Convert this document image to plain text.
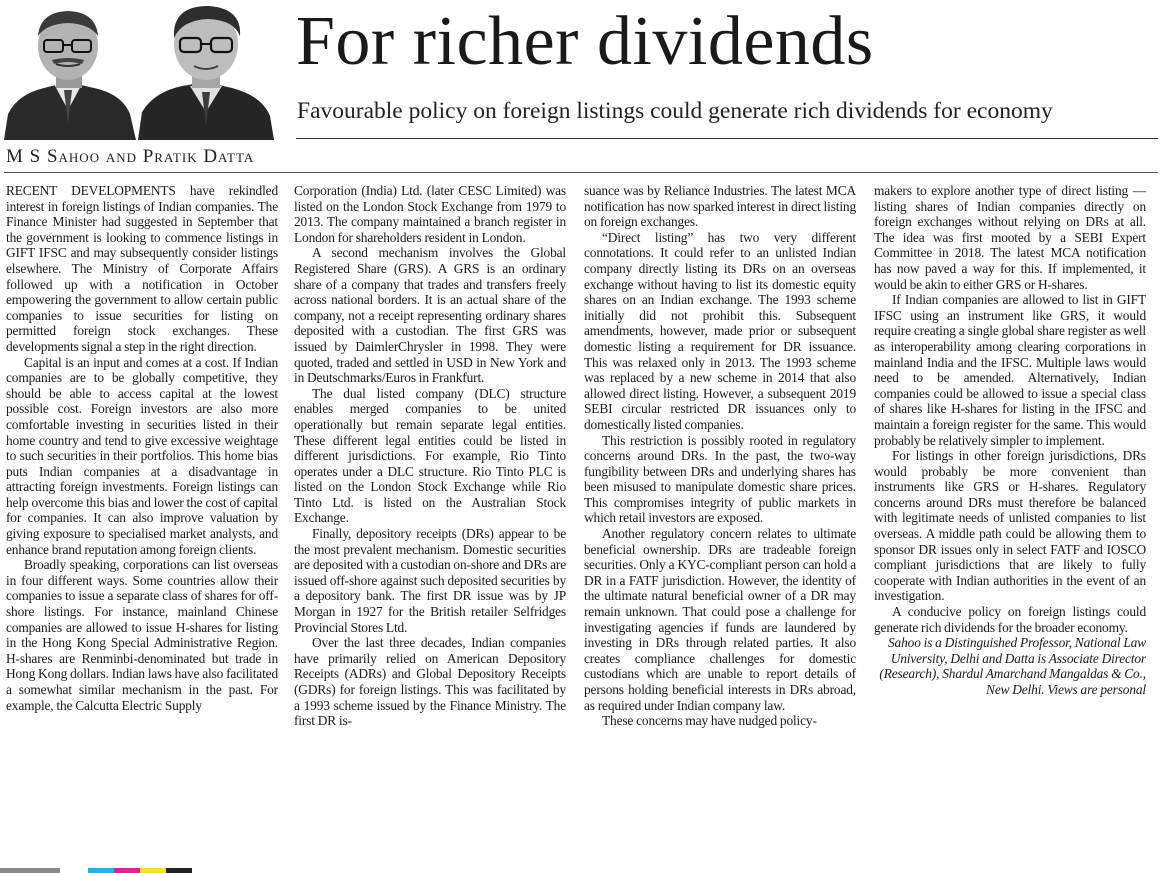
For richer dividends
Favourable policy on foreign listings could generate rich dividends for economy
M S Sahoo and Pratik Datta

RECENT DEVELOPMENTS have rekindled interest in foreign listings of Indian companies. The Finance Minister had suggested in September that the government is looking to commence listings in GIFT IFSC and may subsequently consider listings elsewhere. The Ministry of Corporate Affairs followed up with a notification in October empowering the government to allow certain public companies to issue securities for listing on permitted foreign stock exchanges. These developments signal a step in the right direction.

Capital is an input and comes at a cost. If Indian companies are to be globally competitive, they should be able to access capital at the lowest possible cost. Foreign investors are also more comfortable investing in securities listed in their home country and tend to give excessive weightage to such securities in their portfolios. This home bias puts Indian companies at a disadvantage in attracting foreign investments. Foreign listings can help overcome this bias and lower the cost of capital for companies. It can also improve valuation by giving exposure to specialised market analysts, and enhance brand reputation among foreign clients.

Broadly speaking, corporations can list overseas in four different ways. Some countries allow their companies to issue a separate class of shares for off-shore listings. For instance, mainland Chinese companies are allowed to issue H-shares for listing in the Hong Kong Special Administrative Region. H-shares are Renminbi-denominated but trade in Hong Kong dollars. Indian laws have also facilitated a somewhat similar mechanism in the past. For example, the Calcutta Electric Supply

Corporation (India) Ltd. (later CESC Limited) was listed on the London Stock Exchange from 1979 to 2013. The company maintained a branch register in London for shareholders resident in London.

A second mechanism involves the Global Registered Share (GRS). A GRS is an ordinary share of a company that trades and transfers freely across national borders. It is an actual share of the company, not a receipt representing ordinary shares deposited with a custodian. The first GRS was issued by DaimlerChrysler in 1998. They were quoted, traded and settled in USD in New York and in Deutschmarks/Euros in Frankfurt.

The dual listed company (DLC) structure enables merged companies to be united operationally but remain separate legal entities. These different legal entities could be listed in different jurisdictions. For example, Rio Tinto operates under a DLC structure. Rio Tinto PLC is listed on the London Stock Exchange while Rio Tinto Ltd. is listed on the Australian Stock Exchange.

Finally, depository receipts (DRs) appear to be the most prevalent mechanism. Domestic securities are deposited with a custodian on-shore and DRs are issued off-shore against such deposited securities by a depository bank. The first DR issue was by JP Morgan in 1927 for the British retailer Selfridges Provincial Stores Ltd.

Over the last three decades, Indian companies have primarily relied on American Depository Receipts (ADRs) and Global Depository Receipts (GDRs) for foreign listings. This was facilitated by a 1993 scheme issued by the Finance Ministry. The first DR is-

suance was by Reliance Industries. The latest MCA notification has now sparked interest in direct listing on foreign exchanges.

“Direct listing” has two very different connotations. It could refer to an unlisted Indian company directly listing its DRs on an overseas exchange without having to list its domestic equity shares on an Indian exchange. The 1993 scheme initially did not prohibit this. Subsequent amendments, however, made prior or subsequent domestic listing a requirement for DR issuance. This was relaxed only in 2013. The 1993 scheme was replaced by a new scheme in 2014 that also allowed direct listing. However, a subsequent 2019 SEBI circular restricted DR issuances only to domestically listed companies.

This restriction is possibly rooted in regulatory concerns around DRs. In the past, the two-way fungibility between DRs and underlying shares has been misused to manipulate domestic share prices. This compromises integrity of public markets in which retail investors are exposed.

Another regulatory concern relates to ultimate beneficial ownership. DRs are tradeable foreign securities. Only a KYC-compliant person can hold a DR in a FATF jurisdiction. However, the identity of the ultimate natural beneficial owner of a DR may remain unknown. That could pose a challenge for investigating agencies if funds are laundered by investing in DRs through related parties. It also creates compliance challenges for domestic custodians which are unable to report details of persons holding beneficial interests in DRs abroad, as required under Indian company law.

These concerns may have nudged policy-

makers to explore another type of direct listing — listing shares of Indian companies directly on foreign exchanges without relying on DRs at all. The idea was first mooted by a SEBI Expert Committee in 2018. The latest MCA notification has now paved a way for this. If implemented, it would be akin to either GRS or H-shares.

If Indian companies are allowed to list in GIFT IFSC using an instrument like GRS, it would require creating a single global share register as well as interoperability among clearing corporations in mainland India and the IFSC. Multiple laws would need to be amended. Alternatively, Indian companies could be allowed to issue a special class of shares like H-shares for listing in the IFSC and maintain a foreign register for the same. This would probably be relatively simpler to implement.

For listings in other foreign jurisdictions, DRs would probably be more convenient than instruments like GRS or H-shares. Regulatory concerns around DRs must therefore be balanced with legitimate needs of unlisted companies to list overseas. A middle path could be allowing them to sponsor DR issues only in select FATF and IOSCO compliant jurisdictions that are likely to fully cooperate with Indian authorities in the event of an investigation.

A conducive policy on foreign listings could generate rich dividends for the broader economy.

Sahoo is a Distinguished Professor, National Law University, Delhi and Datta is Associate Director (Research), Shardul Amarchand Mangaldas & Co., New Delhi. Views are personal
